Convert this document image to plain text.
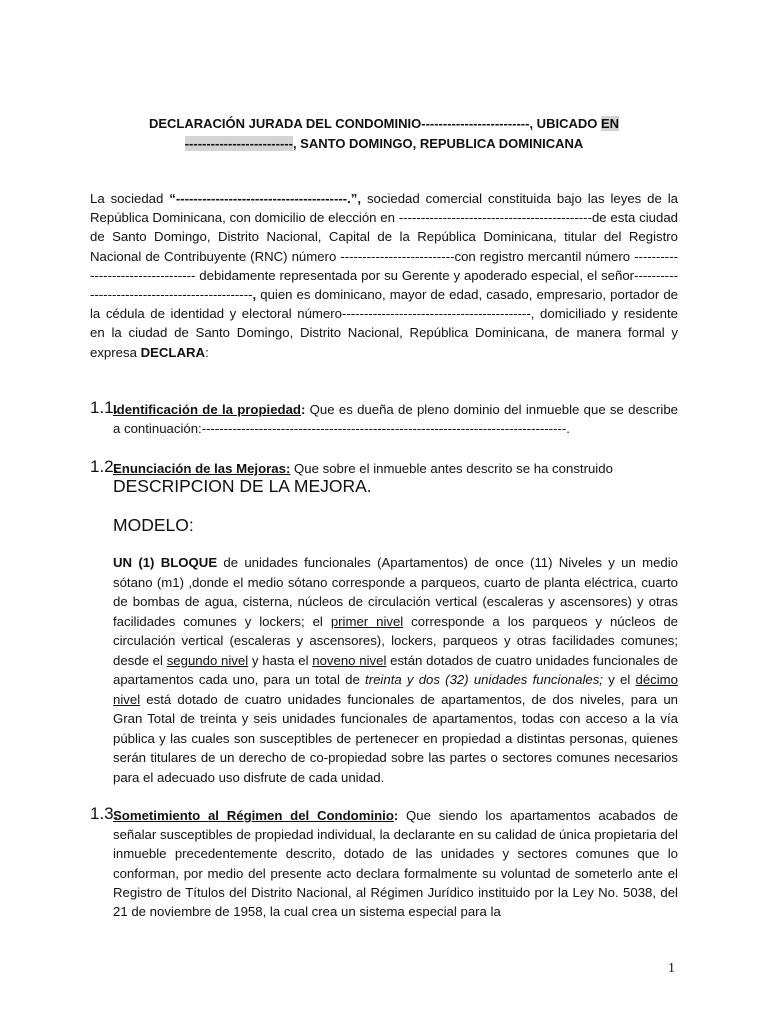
DECLARACIÓN JURADA DEL CONDOMINIO-------------------------, UBICADO EN
-------------------------, SANTO DOMINGO, REPUBLICA DOMINICANA
La sociedad “---------------------------------------.”, sociedad comercial constituida bajo las leyes de la República Dominicana, con domicilio de elección en --------------------------------------------de esta ciudad de Santo Domingo, Distrito Nacional, Capital de la República Dominicana, titular del Registro Nacional de Contribuyente (RNC) número --------------------------con registro mercantil número ---------------------------------- debidamente representada por su Gerente y apoderado especial, el señor-----------------------------------------------, quien es dominicano, mayor de edad, casado, empresario, portador de la cédula de identidad y electoral número-------------------------------------------, domiciliado y residente en la ciudad de Santo Domingo, Distrito Nacional, República Dominicana, de manera formal y expresa DECLARA:
1.1.
Identificación de la propiedad: Que es dueña de pleno dominio del inmueble que se describe a continuación:-----------------------------------------------------------------------------------.
1.2.
Enunciación de las Mejoras: Que sobre el inmueble antes descrito se ha construido
DESCRIPCION DE LA MEJORA.
MODELO:
UN (1) BLOQUE de unidades funcionales (Apartamentos) de once (11) Niveles y un medio sótano (m1) ,donde el medio sótano corresponde a parqueos, cuarto de planta eléctrica, cuarto de bombas de agua, cisterna, núcleos de circulación vertical (escaleras y ascensores) y otras facilidades comunes y lockers; el primer nivel corresponde a los parqueos y núcleos de circulación vertical (escaleras y ascensores), lockers, parqueos y otras facilidades comunes; desde el segundo nivel y hasta el noveno nivel están dotados de cuatro unidades funcionales de apartamentos cada uno, para un total de treinta y dos (32) unidades funcionales; y el décimo nivel está dotado de cuatro unidades funcionales de apartamentos, de dos niveles, para un Gran Total de treinta y seis unidades funcionales de apartamentos, todas con acceso a la vía pública y las cuales son susceptibles de pertenecer en propiedad a distintas personas, quienes serán titulares de un derecho de co-propiedad sobre las partes o sectores comunes necesarios para el adecuado uso disfrute de cada unidad.
1.3.
Sometimiento al Régimen del Condominio: Que siendo los apartamentos acabados de señalar susceptibles de propiedad individual, la declarante en su calidad de única propietaria del inmueble precedentemente descrito, dotado de las unidades y sectores comunes que lo conforman, por medio del presente acto declara formalmente su voluntad de someterlo ante el Registro de Títulos del Distrito Nacional, al Régimen Jurídico instituido por la Ley No. 5038, del 21 de noviembre de 1958, la cual crea un sistema especial para la
1
